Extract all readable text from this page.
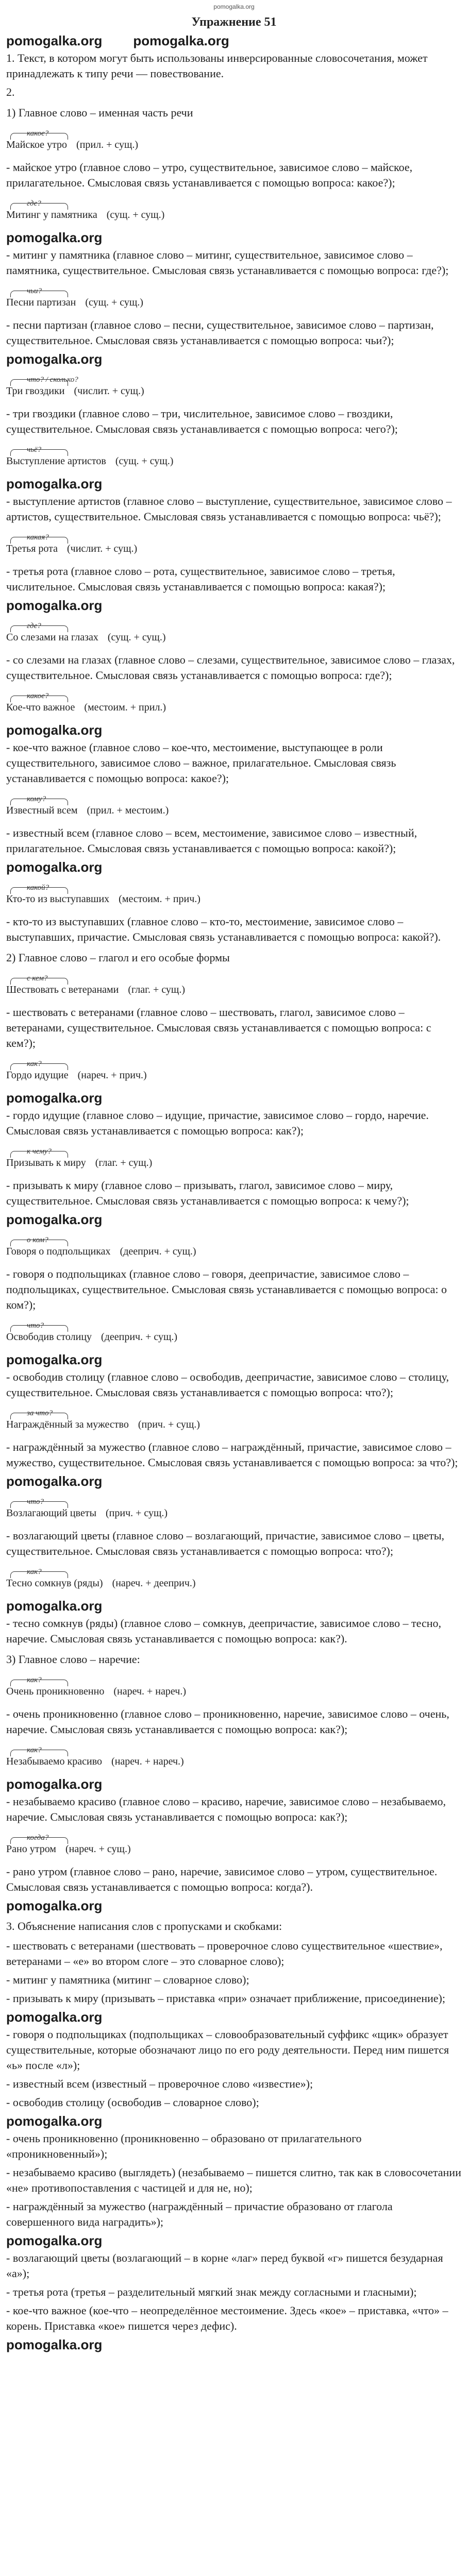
pomogalka.org
Упражнение 51
pomogalka.org pomogalka.org

1. Текст, в котором могут быть использованы инверсированные словосочетания, может принадлежать к типу речи — повествование.

2.

1) Главное слово – именная часть речи

какое?
Майское утро (прил. + сущ.)

- майское утро (главное слово – утро, существительное, зависимое слово – майское, прилагательное. Смысловая связь устанавливается с помощью вопроса: какое?);

где?
Митинг у памятника (сущ. + сущ.)
pomogalka.org

- митинг у памятника (главное слово – митинг, существительное, зависимое слово – памятника, существительное. Смысловая связь устанавливается с помощью вопроса: где?);

чьи?
Песни партизан (сущ. + сущ.)

- песни партизан (главное слово – песни, существительное, зависимое слово – партизан, существительное. Смысловая связь устанавливается с помощью вопроса: чьи?);

pomogalka.org
что? / сколько?
Три гвоздики (числит. + сущ.)

- три гвоздики (главное слово – три, числительное, зависимое слово – гвоздики, существительное. Смысловая связь устанавливается с помощью вопроса: чего?);

чьё?
Выступление артистов (сущ. + сущ.)
pomogalka.org

- выступление артистов (главное слово – выступление, существительное, зависимое слово – артистов, существительное. Смысловая связь устанавливается с помощью вопроса: чьё?);

какая?
Третья рота (числит. + сущ.)

- третья рота (главное слово – рота, существительное, зависимое слово – третья, числительное. Смысловая связь устанавливается с помощью вопроса: какая?);

pomogalka.org
где?
Со слезами на глазах (сущ. + сущ.)

- со слезами на глазах (главное слово – слезами, существительное, зависимое слово – глазах, существительное. Смысловая связь устанавливается с помощью вопроса: где?);

какое?
Кое-что важное (местоим. + прил.)
pomogalka.org

- кое-что важное (главное слово – кое-что, местоимение, выступающее в роли существительного, зависимое слово – важное, прилагательное. Смысловая связь устанавливается с помощью вопроса: какое?);

кому?
Известный всем (прил. + местоим.)

- известный всем (главное слово – всем, местоимение, зависимое слово – известный, прилагательное. Смысловая связь устанавливается с помощью вопроса: какой?);

pomogalka.org
какой?
Кто-то из выступавших (местоим. + прич.)

- кто-то из выступавших (главное слово – кто-то, местоимение, зависимое слово – выступавших, причастие. Смысловая связь устанавливается с помощью вопроса: какой?).

2) Главное слово – глагол и его особые формы

с кем?
Шествовать с ветеранами (глаг. + сущ.)

- шествовать с ветеранами (главное слово – шествовать, глагол, зависимое слово – ветеранами, существительное. Смысловая связь устанавливается с помощью вопроса: с кем?);

как?
Гордо идущие (нареч. + прич.)
pomogalka.org

- гордо идущие (главное слово – идущие, причастие, зависимое слово – гордо, наречие. Смысловая связь устанавливается с помощью вопроса: как?);

к чему?
Призывать к миру (глаг. + сущ.)

- призывать к миру (главное слово – призывать, глагол, зависимое слово – миру, существительное. Смысловая связь устанавливается с помощью вопроса: к чему?);

pomogalka.org
о ком?
Говоря о подпольщиках (дееприч. + сущ.)

- говоря о подпольщиках (главное слово – говоря, деепричастие, зависимое слово – подпольщиках, существительное. Смысловая связь устанавливается с помощью вопроса: о ком?);

что?
Освободив столицу (дееприч. + сущ.)
pomogalka.org

- освободив столицу (главное слово – освободив, деепричастие, зависимое слово – столицу, существительное. Смысловая связь устанавливается с помощью вопроса: что?);

за что?
Награждённый за мужество (прич. + сущ.)

- награждённый за мужество (главное слово – награждённый, причастие, зависимое слово – мужество, существительное. Смысловая связь устанавливается с помощью вопроса: за что?);

pomogalka.org
что?
Возлагающий цветы (прич. + сущ.)

- возлагающий цветы (главное слово – возлагающий, причастие, зависимое слово – цветы, существительное. Смысловая связь устанавливается с помощью вопроса: что?);

как?
Тесно сомкнув (ряды) (нареч. + дееприч.)
pomogalka.org

- тесно сомкнув (ряды) (главное слово – сомкнув, деепричастие, зависимое слово – тесно, наречие. Смысловая связь устанавливается с помощью вопроса: как?).

3) Главное слово – наречие:

как?
Очень проникновенно (нареч. + нареч.)

- очень проникновенно (главное слово – проникновенно, наречие, зависимое слово – очень, наречие. Смысловая связь устанавливается с помощью вопроса: как?);

как?
Незабываемо красиво (нареч. + нареч.)
pomogalka.org

- незабываемо красиво (главное слово – красиво, наречие, зависимое слово – незабываемо, наречие. Смысловая связь устанавливается с помощью вопроса: как?);

когда?
Рано утром (нареч. + сущ.)

- рано утром (главное слово – рано, наречие, зависимое слово – утром, существительное. Смысловая связь устанавливается с помощью вопроса: когда?).

pomogalka.org

3. Объяснение написания слов с пропусками и скобками:

- шествовать с ветеранами (шествовать – проверочное слово существительное «шествие», ветеранами – «е» во втором слоге – это словарное слово);

- митинг у памятника (митинг – словарное слово);

- призывать к миру (призывать – приставка «при» означает приближение, присоединение);

pomogalka.org

- говоря о подпольщиках (подпольщиках – словообразовательный суффикс «щик» образует существительные, которые обозначают лицо по его роду деятельности. Перед ним пишется «ь» после «л»);

- известный всем (известный – проверочное слово «известие»);

- освободив столицу (освободив – словарное слово);

pomogalka.org

- очень проникновенно (проникновенно – образовано от прилагательного «проникновенный»);

- незабываемо красиво (выглядеть) (незабываемо – пишется слитно, так как в словосочетании «не» противопоставления с частицей и для не, но);

- награждённый за мужество (награждённый – причастие образовано от глагола совершенного вида наградить»);

pomogalka.org

- возлагающий цветы (возлагающий – в корне «лаг» перед буквой «г» пишется безударная «а»);

- третья рота (третья – разделительный мягкий знак между согласными и гласными);

- кое-что важное (кое-что – неопределённое местоимение. Здесь «кое» – приставка, «что» – корень. Приставка «кое» пишется через дефис).

pomogalka.org
